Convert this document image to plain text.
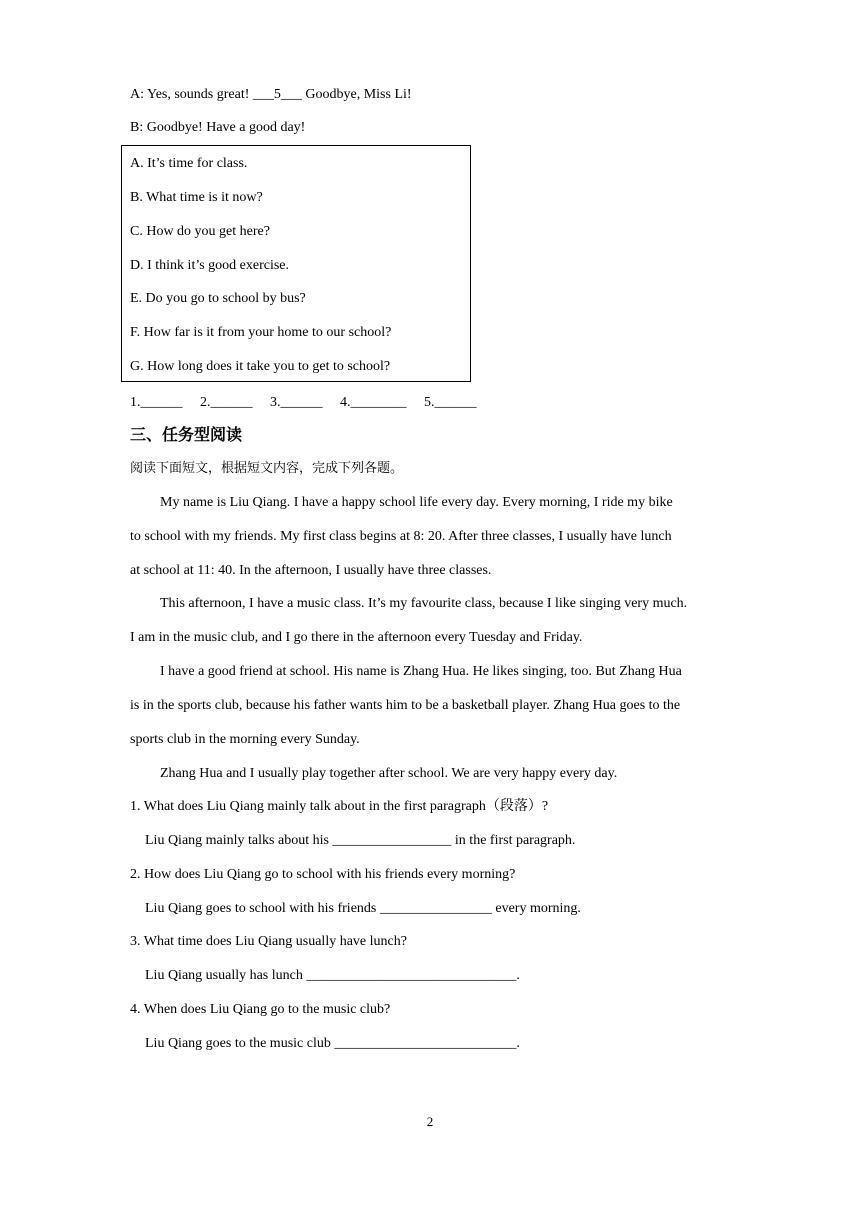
A: Yes, sounds great! ___5___ Goodbye, Miss Li!
B: Goodbye! Have a good day!
A. It’s time for class.
B. What time is it now?
C. How do you get here?
D. I think it’s good exercise.
E. Do you go to school by bus?
F. How far is it from your home to our school?
G. How long does it take you to get to school?
1.______ 2.______ 3.______ 4.________ 5.______
三、任务型阅读
阅读下面短文，根据短文内容，完成下列各题。
My name is Liu Qiang. I have a happy school life every day. Every morning, I ride my bike
to school with my friends. My first class begins at 8: 20. After three classes, I usually have lunch
at school at 11: 40. In the afternoon, I usually have three classes.
This afternoon, I have a music class. It’s my favourite class, because I like singing very much.
I am in the music club, and I go there in the afternoon every Tuesday and Friday.
I have a good friend at school. His name is Zhang Hua. He likes singing, too. But Zhang Hua
is in the sports club, because his father wants him to be a basketball player. Zhang Hua goes to the
sports club in the morning every Sunday.
Zhang Hua and I usually play together after school. We are very happy every day.
1. What does Liu Qiang mainly talk about in the first paragraph（段落）?
Liu Qiang mainly talks about his _________________ in the first paragraph.
2. How does Liu Qiang go to school with his friends every morning?
Liu Qiang goes to school with his friends ________________ every morning.
3. What time does Liu Qiang usually have lunch?
Liu Qiang usually has lunch ______________________________.
4. When does Liu Qiang go to the music club?
Liu Qiang goes to the music club __________________________.
2
